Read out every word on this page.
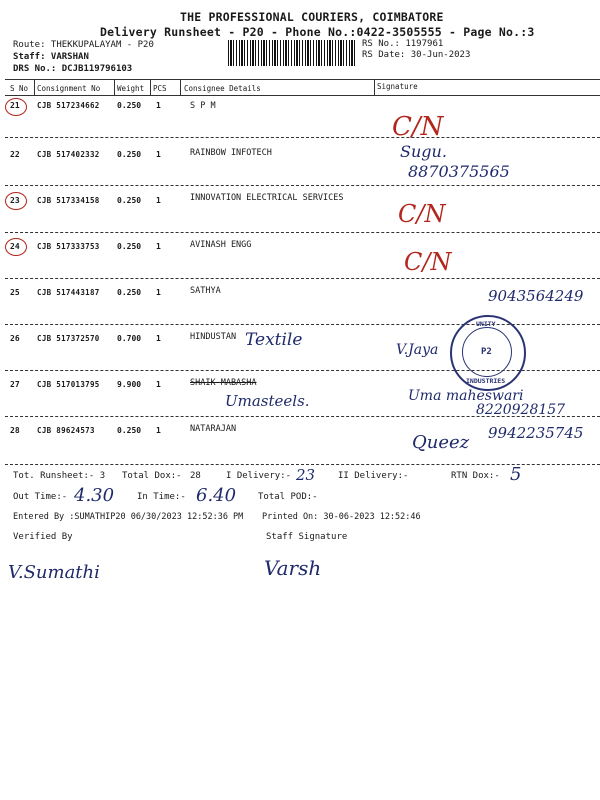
THE PROFESSIONAL COURIERS, COIMBATORE
Delivery Runsheet - P20 - Phone No.:0422-3505555 - Page No.:3
Route: THEKKUPALAYAM - P20
Staff: VARSHAN
DRS No.: DCJB119796103
RS No.: 1197961
RS Date: 30-Jun-2023
S No Consignment No Weight PCS Consignee Details	Signature
21 CJB 517234662 0.250 1	S P M
C/N
22 CJB 517402332 0.250 1	RAINBOW INFOTECH	Sugu.
8870375565
23 CJB 517334158 0.250 1	INNOVATION ELECTRICAL SERVICES
C/N
24 CJB 517333753 0.250 1	AVINASH ENGG
C/N
25 CJB 517443187 0.250 1	SATHYA	9043564249
26 CJB 517372570 0.700 1	HINDUSTAN Textile	V.Jaya
UNITY
P2
INDUSTRIES
27 CJB 517013795 9.900 1	SHAIK MABASHA
Umasteels.	Uma maheswari
8220928157
28 CJB 89624573	0.250 1	NATARAJAN
Queez 9942235745
Tot. Runsheet:- 3 Total Dox:- 28	I Delivery:- 23	II Delivery:-	RTN Dox:- 5
Out Time:- 4.30	In Time:- 6.40 Total POD:-
Entered By :SUMATHIP20 06/30/2023 12:52:36 PM Printed On: 30-06-2023 12:52:46
Verified By	Staff Signature
V.Sumathi	Varsh
